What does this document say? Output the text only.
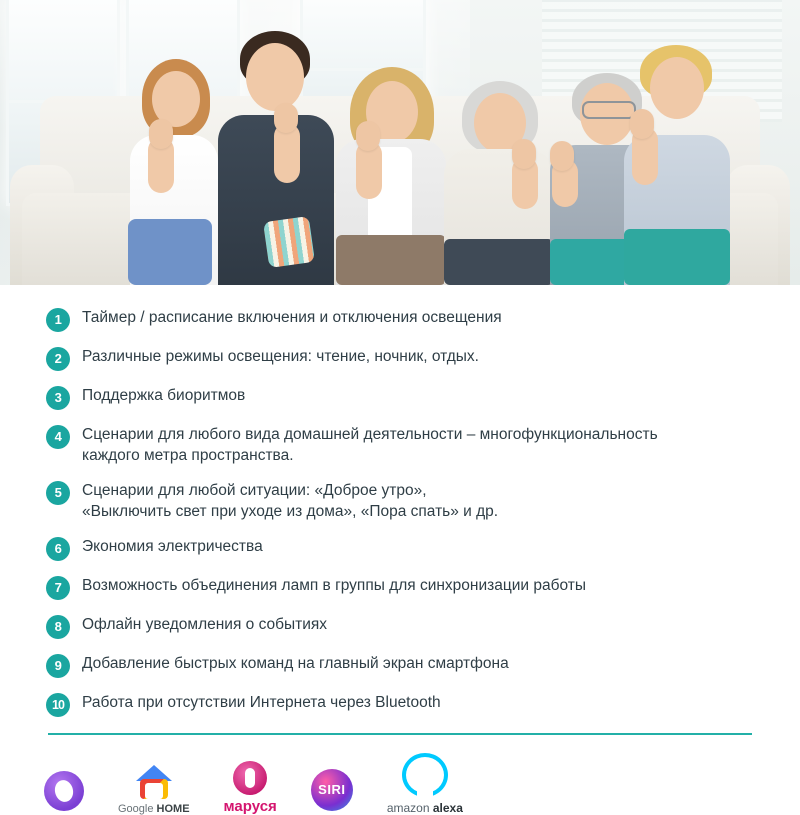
1	Таймер / расписание включения и отключения освещения
2	Различные режимы освещения: чтение, ночник, отдых.
3	Поддержка биоритмов
4	Сценарии для любого вида домашней деятельности – многофункциональность
каждого метра пространства.
5	Сценарии для любой ситуации: «Доброе утро»,
«Выключить свет при уходе из дома», «Пора спать» и др.
6	Экономия электричества
7	Возможность объединения ламп в группы для синхронизации работы
8	Офлайн уведомления о событиях
9	Добавление быстрых команд на главный экран смартфона
10	Работа при отсутствии Интернета через Bluetooth
Google HOME маруся
SIRI
amazon alexa
